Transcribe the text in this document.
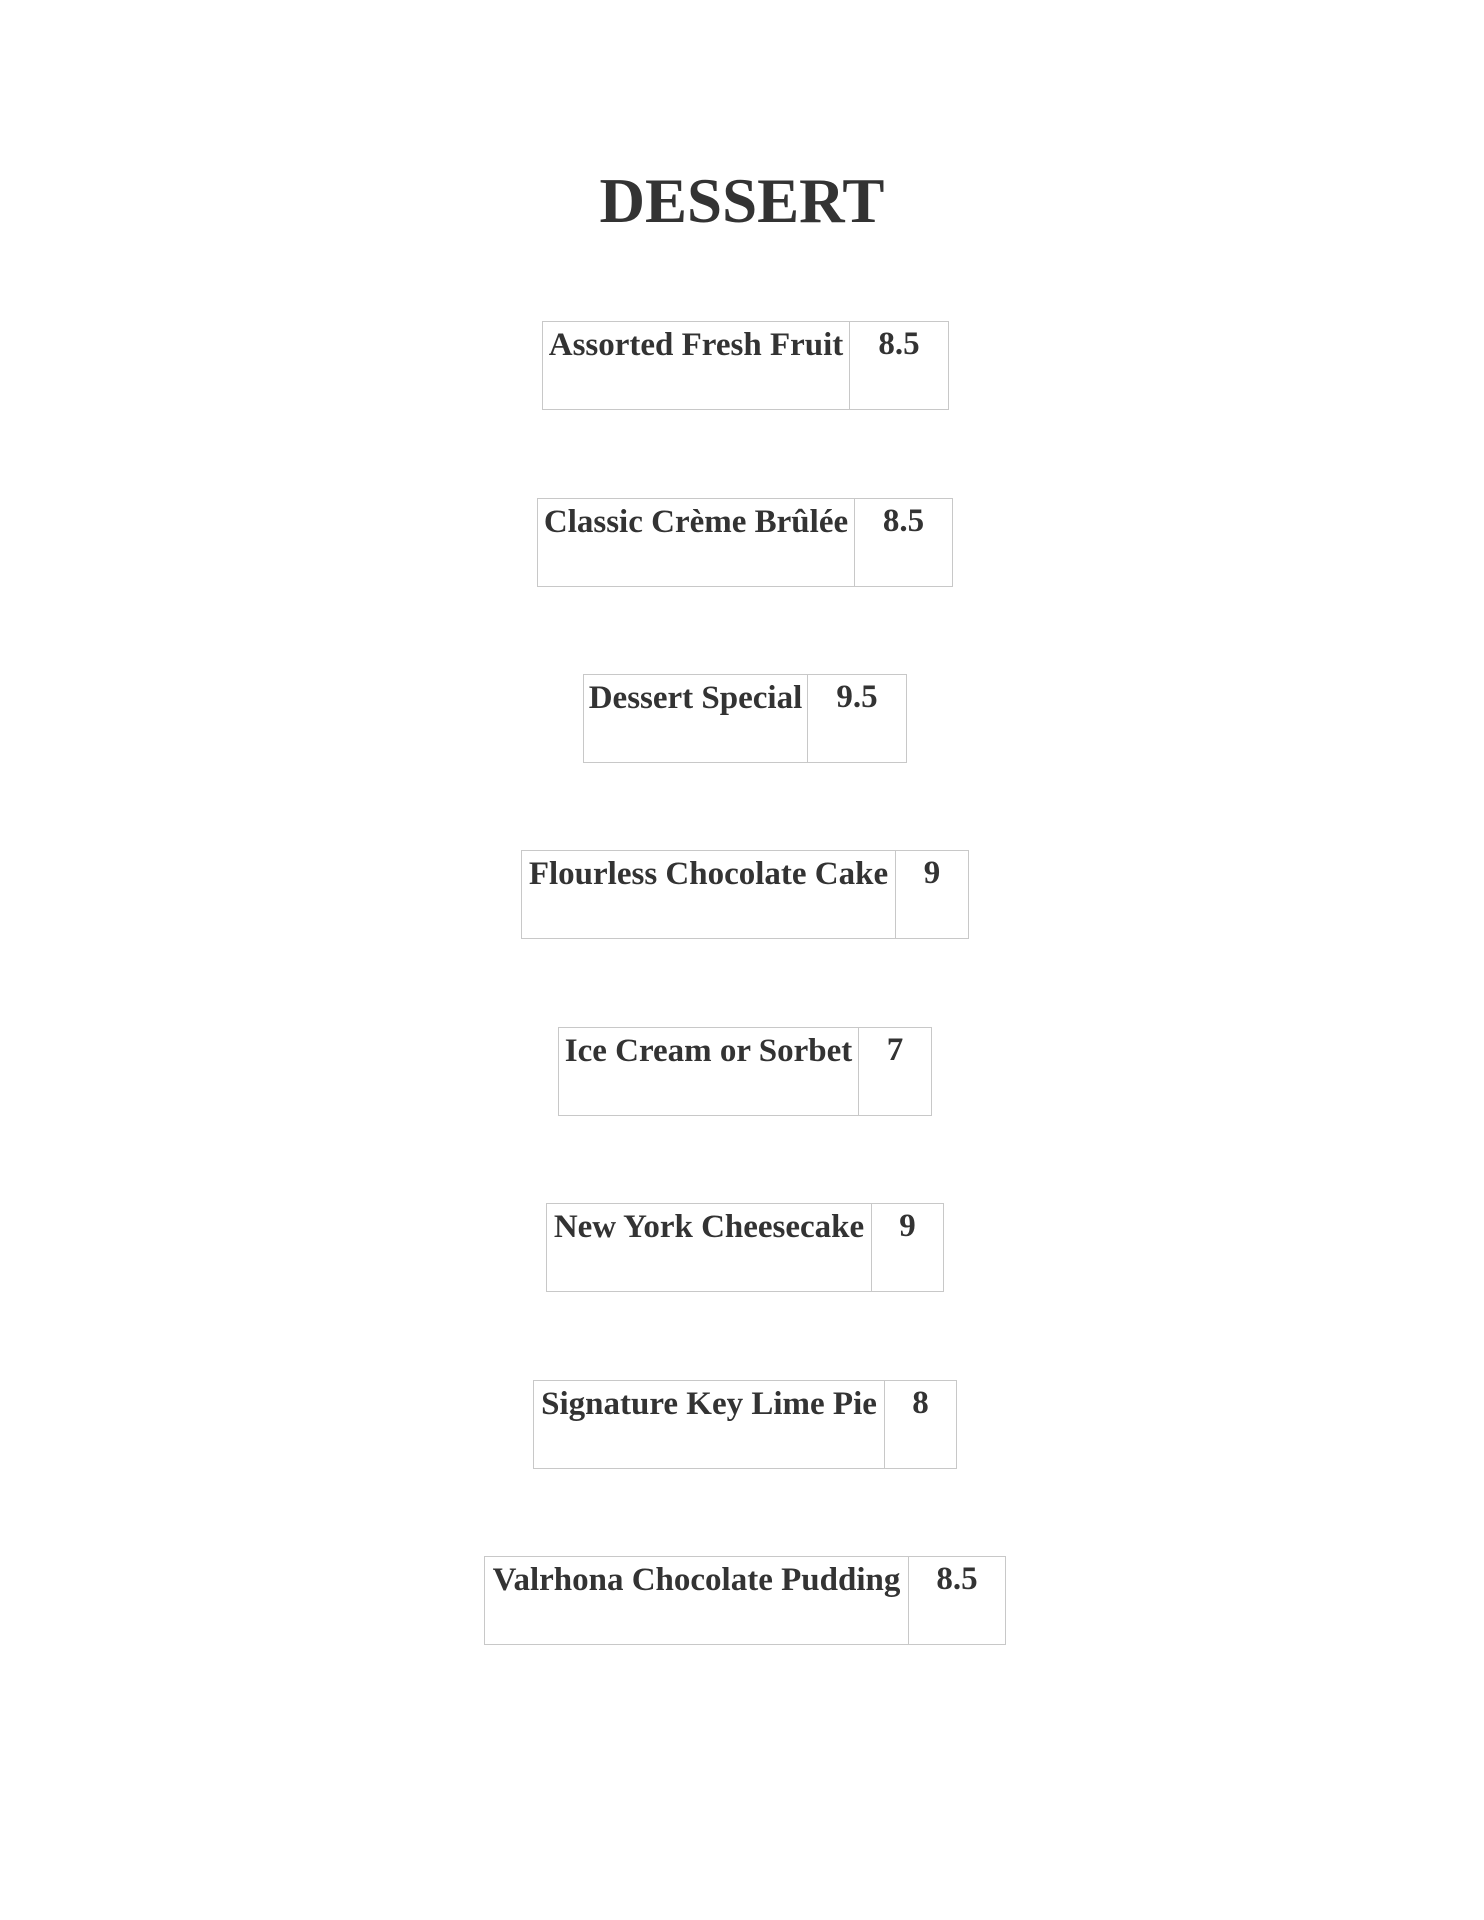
DESSERT
Assorted Fresh Fruit	8.5
Classic Crème Brûlée	8.5
Dessert Special	9.5
Flourless Chocolate Cake	9
Ice Cream or Sorbet	7
New York Cheesecake	9
Signature Key Lime Pie	8
Valrhona Chocolate Pudding	8.5
